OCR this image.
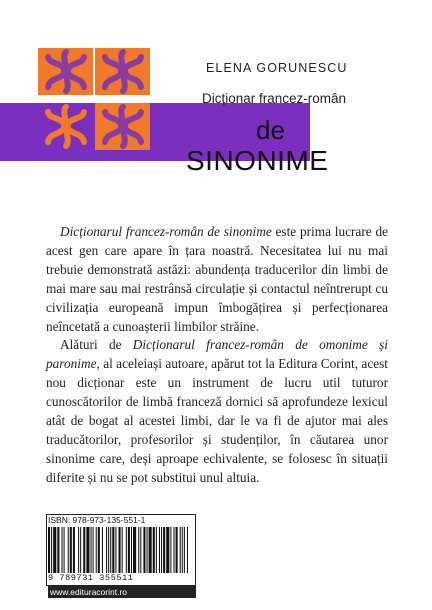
ELENA GORUNESCU
Dicționar francez-român
de
SINONIME

Dicționarul francez-român de sinonime este prima lucrare de acest gen care apare în țara noastră. Necesitatea lui nu mai trebuie demonstrată astăzi: abundența traducerilor din limbi de mai mare sau mai restrânsă circulație și contactul neîntrerupt cu civilizația europeană impun îmbogățirea și perfecționarea neîncetată a cunoașterii limbilor străine.

Alături de Dicționarul francez-român de omonime și paronime, al aceleiași autoare, apărut tot la Editura Corint, acest nou dicționar este un instrument de lucru util tuturor cunoscătorilor de limbă franceză dornici să aprofundeze lexicul atât de bogat al acestei limbi, dar le va fi de ajutor mai ales traducătorilor, profesorilor și studenților, în căutarea unor sinonime care, deși aproape echivalente, se folosesc în situații diferite și nu se pot substitui unul altuia.

ISBN: 978-973-135-551-1
9 789731 355511
www.edituracorint.ro
